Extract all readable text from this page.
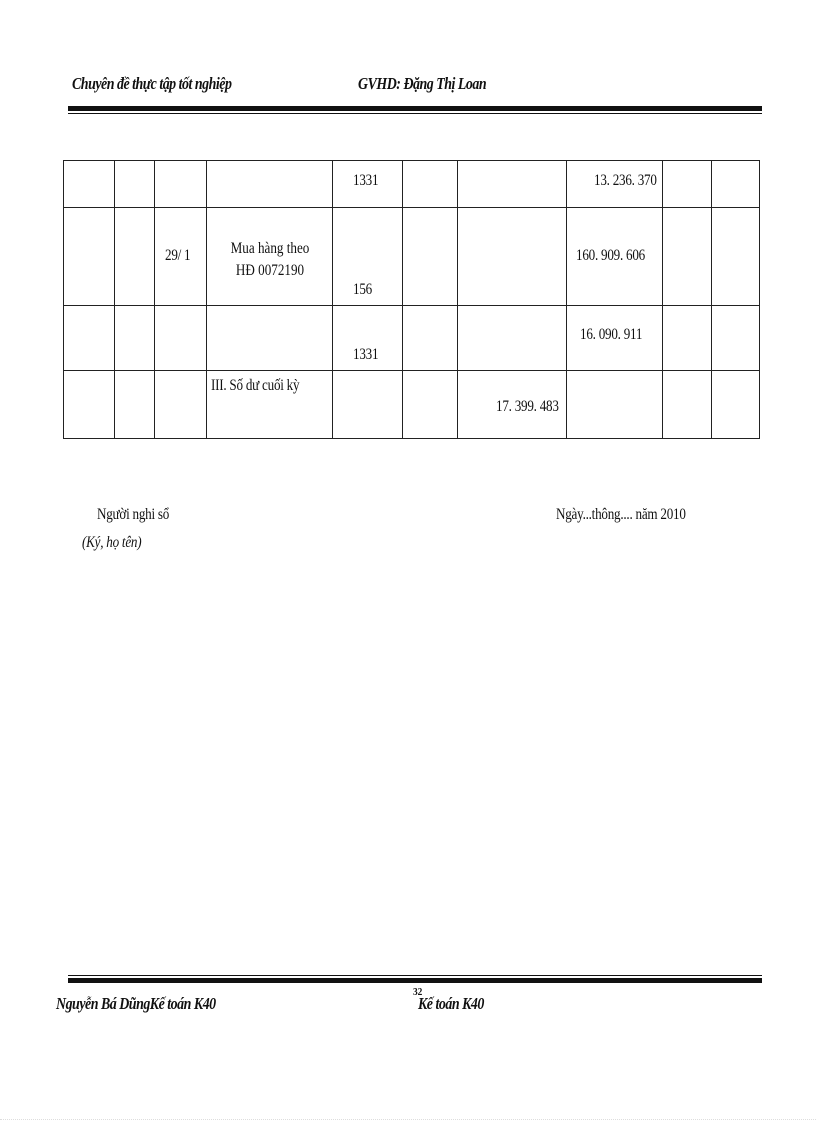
Chuyên đề thực tập tốt nghiệp	GVHD: Đặng Thị Loan

				1331			13. 236. 370		

		29/ 1	Mua hàng theo HĐ 0072190	156			160. 909. 606		

				1331			16. 090. 911		

			III. Số dư cuối kỳ			17. 399. 483			

Người nghi sổ
(Ký, họ tên)
Ngày...thông.... năm 2010
Nguyễn Bá DũngKế toán K40
32
Kế toán K40
